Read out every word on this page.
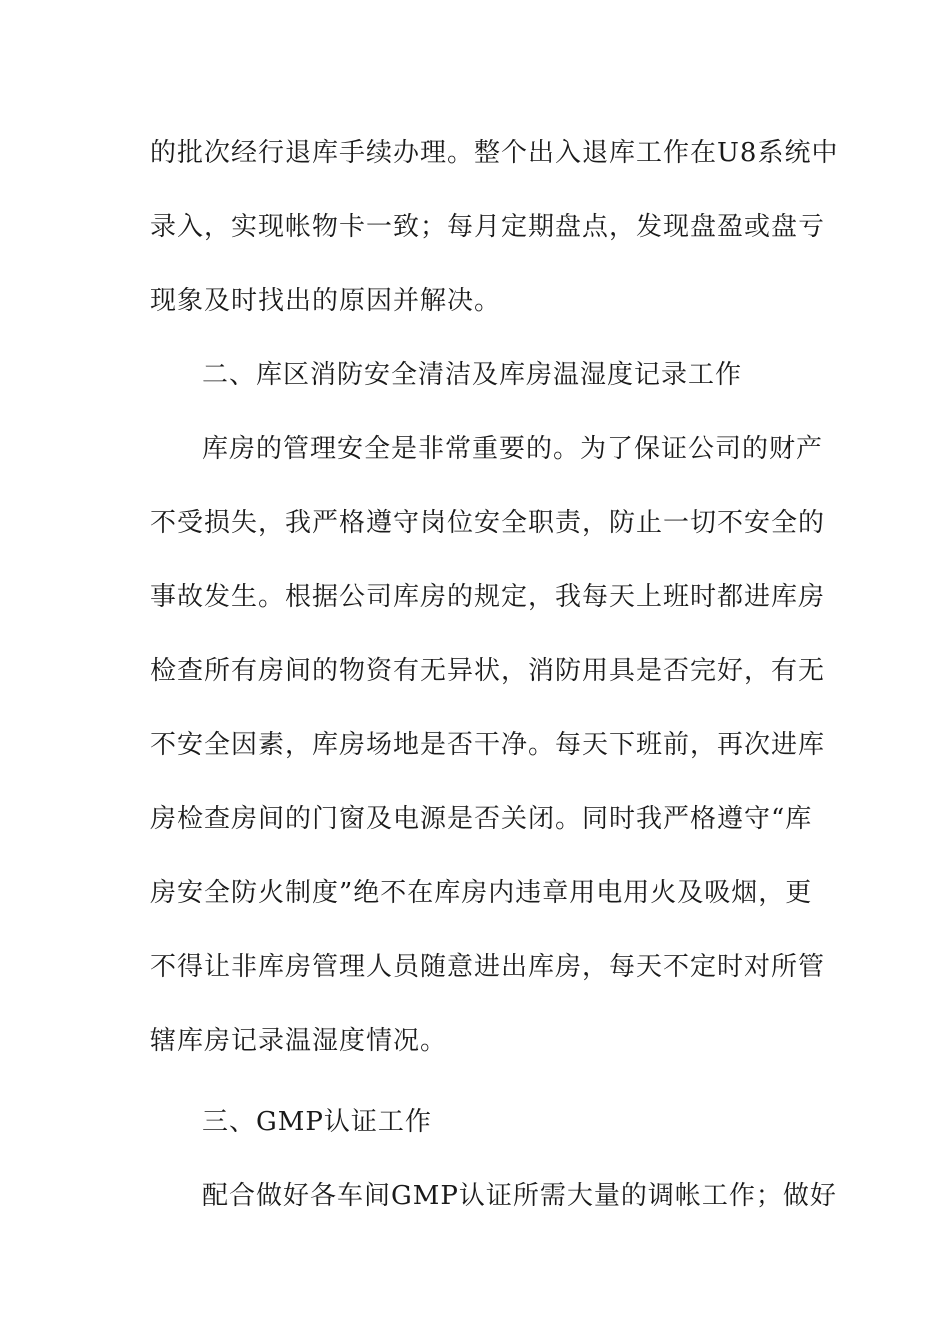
的批次经行退库手续办理。整个出入退库工作在U8系统中
录入，实现帐物卡一致；每月定期盘点，发现盘盈或盘亏
现象及时找出的原因并解决。
二、库区消防安全清洁及库房温湿度记录工作
库房的管理安全是非常重要的。为了保证公司的财产
不受损失，我严格遵守岗位安全职责，防止一切不安全的
事故发生。根据公司库房的规定，我每天上班时都进库房
检查所有房间的物资有无异状，消防用具是否完好，有无
不安全因素，库房场地是否干净。每天下班前，再次进库
房检查房间的门窗及电源是否关闭。同时我严格遵守“库
房安全防火制度”绝不在库房内违章用电用火及吸烟，更
不得让非库房管理人员随意进出库房，每天不定时对所管
辖库房记录温湿度情况。
三、GMP认证工作
配合做好各车间GMP认证所需大量的调帐工作；做好
